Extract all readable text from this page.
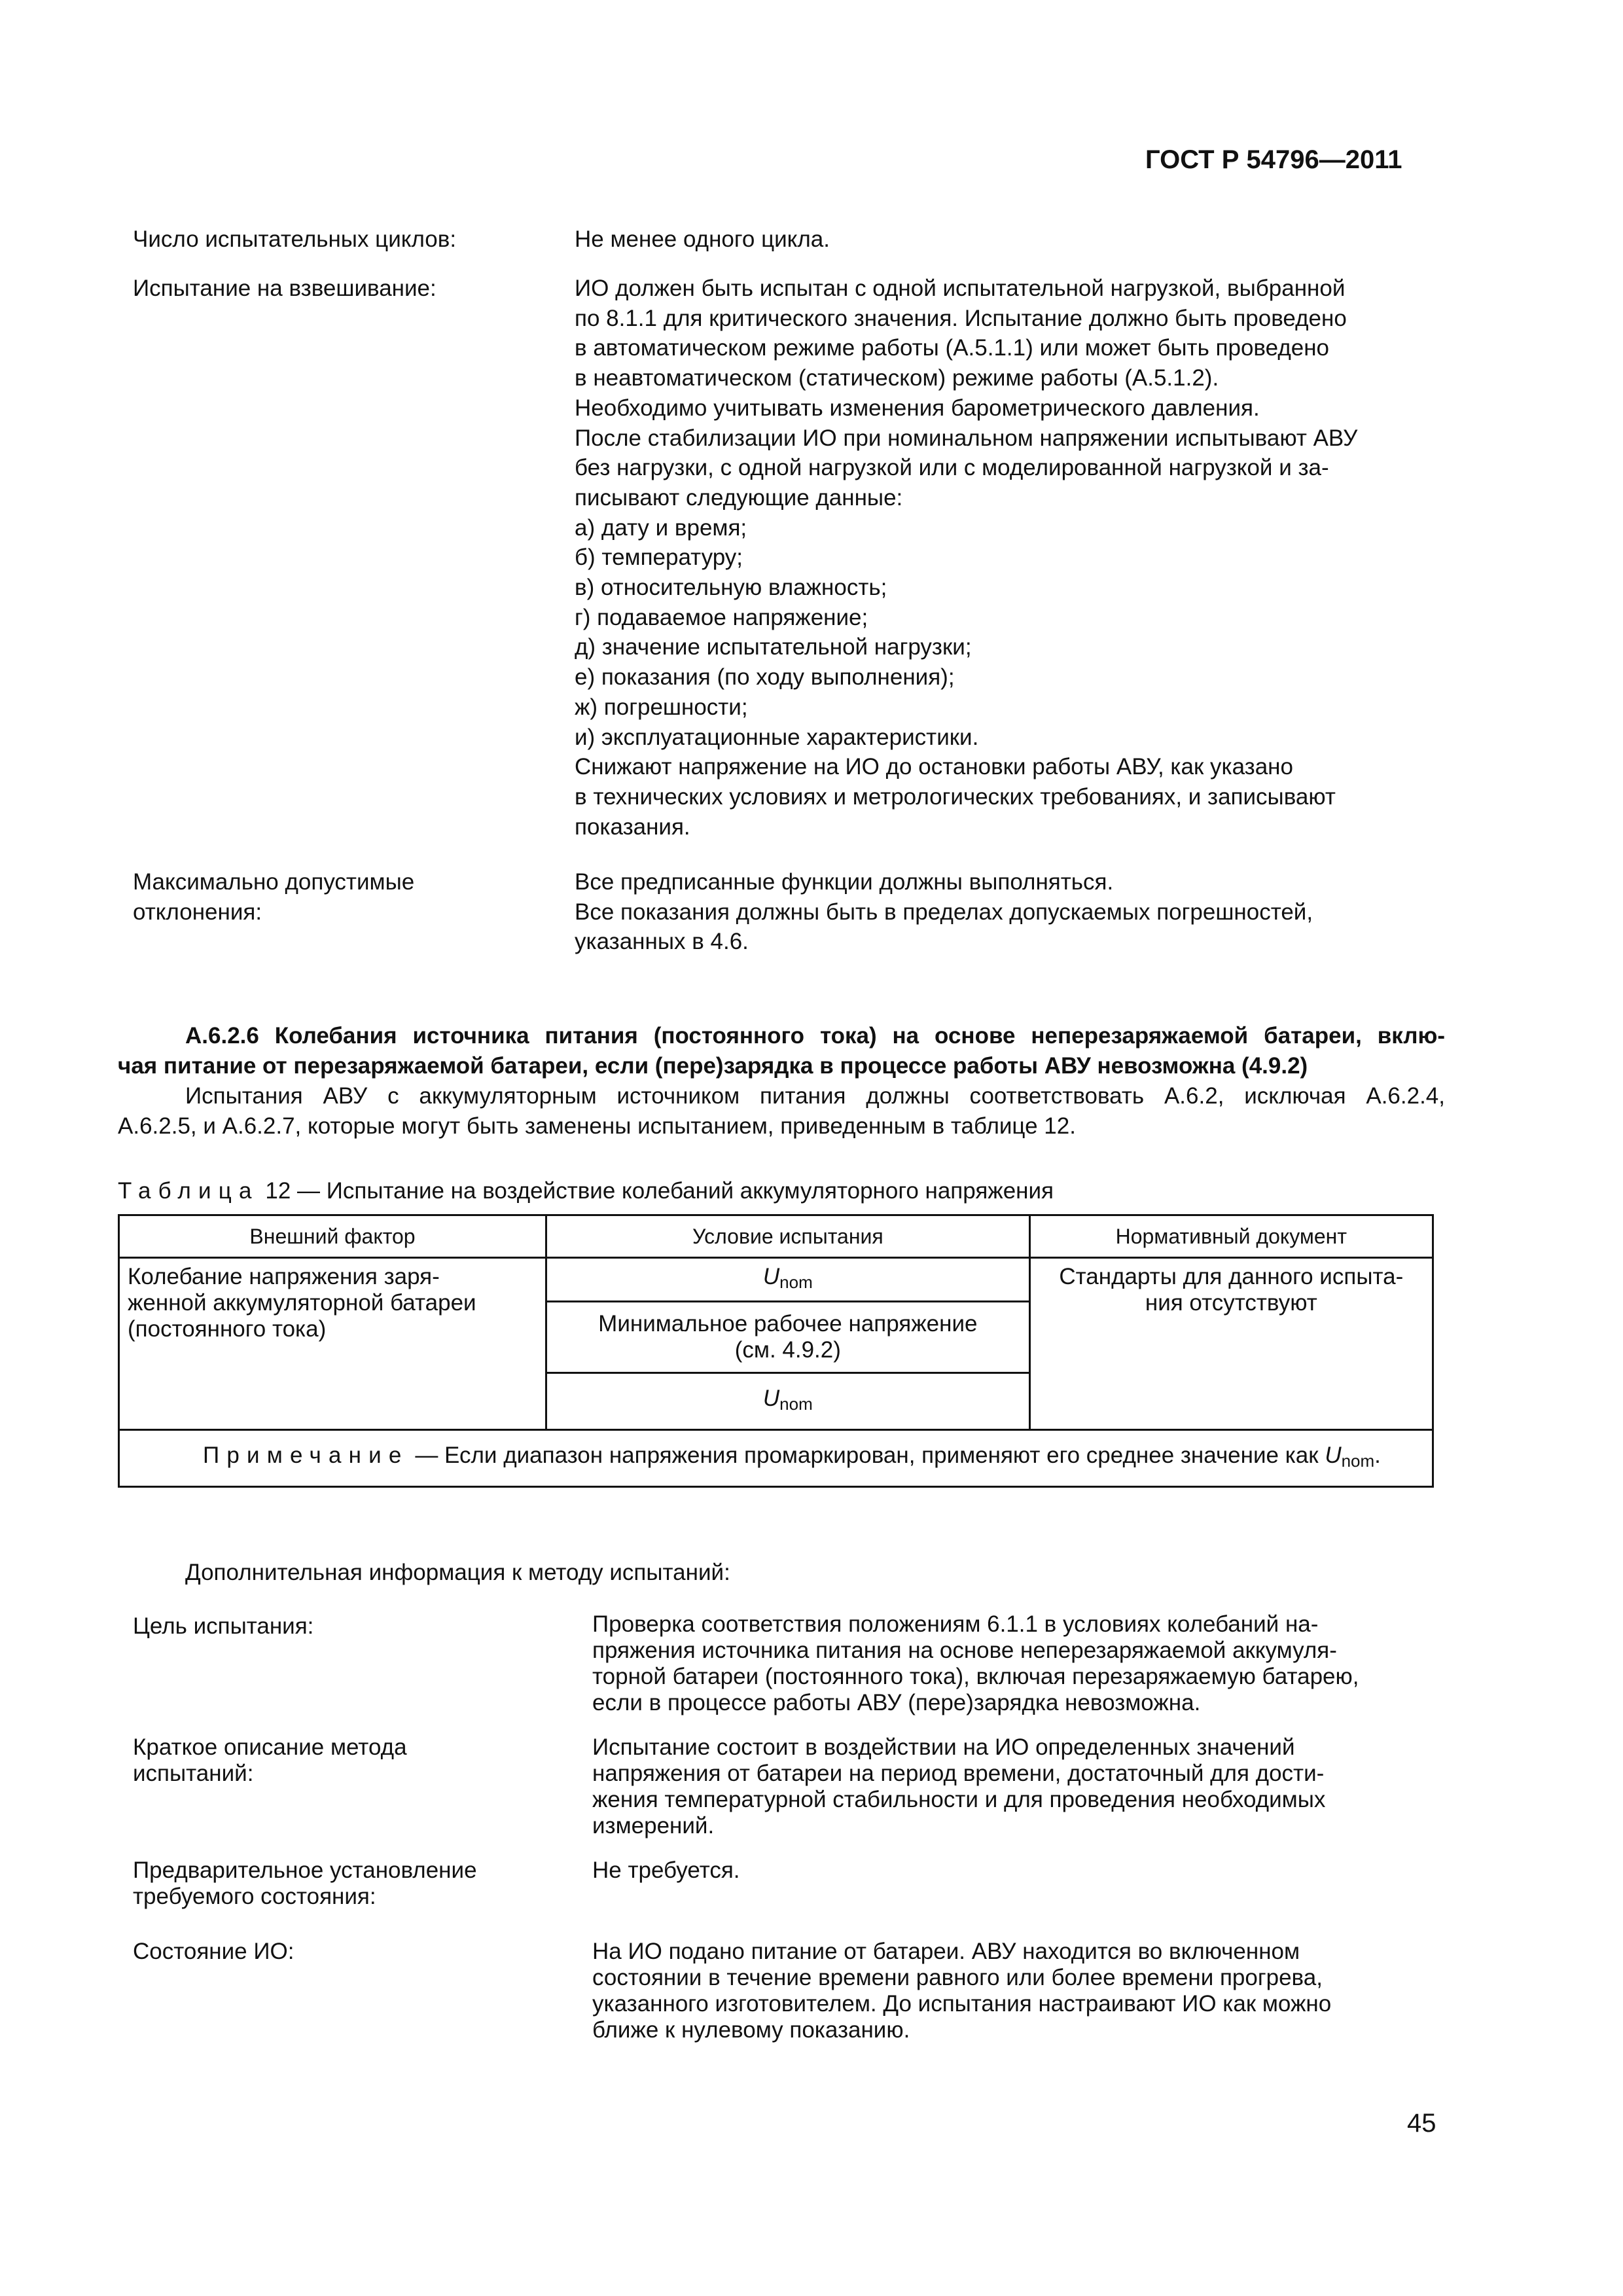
ГОСТ Р 54796—2011
Число испытательных циклов:	Не менее одного цикла.
Испытание на взвешивание:	ИО должен быть испытан с одной испытательной нагрузкой, выбранной
по 8.1.1 для критического значения. Испытание должно быть проведено
в автоматическом режиме работы (А.5.1.1) или может быть проведено
в неавтоматическом (статическом) режиме работы (А.5.1.2).
Необходимо учитывать изменения барометрического давления.
После стабилизации ИО при номинальном напряжении испытывают АВУ
без нагрузки, с одной нагрузкой или с моделированной нагрузкой и за-
писывают следующие данные:
а) дату и время;
б) температуру;
в) относительную влажность;
г) подаваемое напряжение;
д) значение испытательной нагрузки;
е) показания (по ходу выполнения);
ж) погрешности;
и) эксплуатационные характеристики.
Снижают напряжение на ИО до остановки работы АВУ, как указано
в технических условиях и метрологических требованиях, и записывают
показания.
Максимально допустимые
отклонения:
Все предписанные функции должны выполняться.
Все показания должны быть в пределах допускаемых погрешностей,
указанных в 4.6.
А.6.2.6 Колебания источника питания (постоянного тока) на основе неперезаряжаемой батареи, вклю-
чая питание от перезаряжаемой батареи, если (пере)зарядка в процессе работы АВУ невозможна (4.9.2)
Испытания АВУ с аккумуляторным источником питания должны соответствовать А.6.2, исключая А.6.2.4,
А.6.2.5, и А.6.2.7, которые могут быть заменены испытанием, приведенным в таблице 12.
Таблица 12 — Испытание на воздействие колебаний аккумуляторного напряжения
Внешний фактор	Условие испытания	Нормативный документ

Колебание напряжения заря-
женной аккумуляторной батареи
(постоянного тока)	$U_{nom}$	Стандарты для данного испыта-
ния отсутствуют

	Минимальное рабочее напряжение
(см. 4.9.2)	

	$U_{nom}$
Примечание — Если диапазон напряжения промаркирован, применяют его среднее значение как $U_{nom}$.		
Дополнительная информация к методу испытаний:
Цель испытания:	Проверка соответствия положениям 6.1.1 в условиях колебаний на-
пряжения источника питания на основе неперезаряжаемой аккумуля-
торной батареи (постоянного тока), включая перезаряжаемую батарею,
если в процессе работы АВУ (пере)зарядка невозможна.
Краткое описание метода
испытаний:
Испытание состоит в воздействии на ИО определенных значений
напряжения от батареи на период времени, достаточный для дости-
жения температурной стабильности и для проведения необходимых
измерений.
Предварительное установление
требуемого состояния:
Не требуется.
Состояние ИО:	На ИО подано питание от батареи. АВУ находится во включенном
состоянии в течение времени равного или более времени прогрева,
указанного изготовителем. До испытания настраивают ИО как можно
ближе к нулевому показанию.
45
